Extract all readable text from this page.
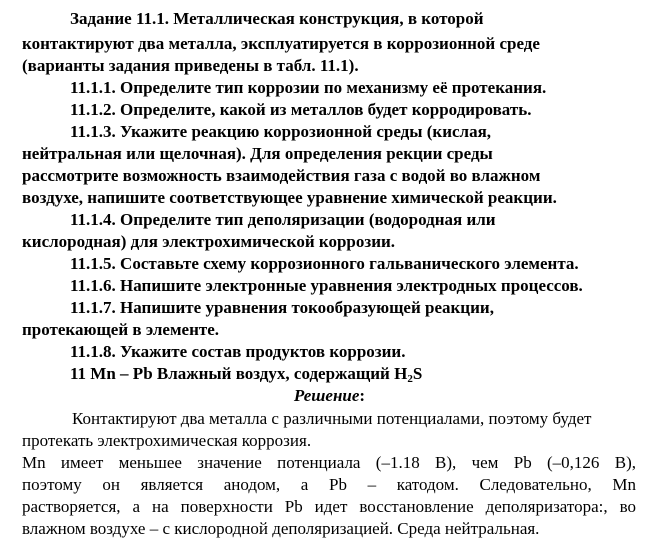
Задание 11.1. Металлическая конструкция, в которой
контактируют два металла, эксплуатируется в коррозионной среде
(варианты задания приведены в табл. 11.1).
11.1.1. Определите тип коррозии по механизму её протекания.
11.1.2. Определите, какой из металлов будет корродировать.
11.1.3. Укажите реакцию коррозионной среды (кислая,
нейтральная или щелочная). Для определения рекции среды
рассмотрите возможность взаимодействия газа с водой во влажном
воздухе, напишите соответствующее уравнение химической реакции.
11.1.4. Определите тип деполяризации (водородная или
кислородная) для электрохимической коррозии.
11.1.5. Составьте схему коррозионного гальванического элемента.
11.1.6. Напишите электронные уравнения электродных процессов.
11.1.7. Напишите уравнения токообразующей реакции,
протекающей в элементе.
11.1.8. Укажите состав продуктов коррозии.
11 Mn – Pb Влажный воздух, содержащий $H_2S$
Решение:
Контактируют два металла с различными потенциалами, поэтому будет
протекать электрохимическая коррозия.
Mn имеет меньшее значение потенциала (–1.18 В), чем Pb (–0,126 В),
поэтому он является анодом, а Pb – катодом. Следовательно, Mn
растворяется, а на поверхности Pb идет восстановление деполяризатора:, во
влажном воздухе – с кислородной деполяризацией. Среда нейтральная.
